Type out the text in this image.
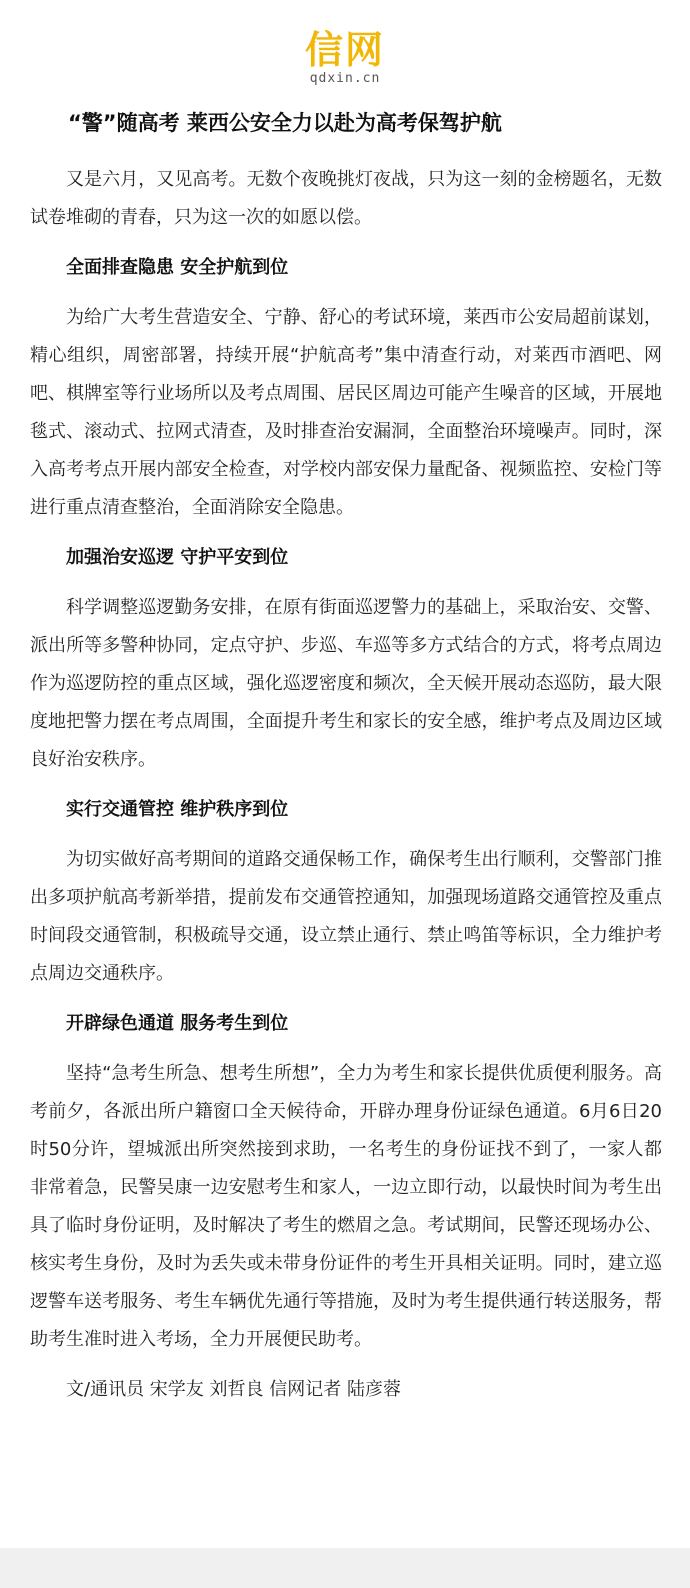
信网
qdxin.cn
“警”随高考 莱西公安全力以赴为高考保驾护航

又是六月，又见高考。无数个夜晚挑灯夜战，只为这一刻的金榜题名，无数试卷堆砌的青春，只为这一次的如愿以偿。

全面排查隐患 安全护航到位

为给广大考生营造安全、宁静、舒心的考试环境，莱西市公安局超前谋划，精心组织，周密部署，持续开展“护航高考”集中清查行动，对莱西市酒吧、网吧、棋牌室等行业场所以及考点周围、居民区周边可能产生噪音的区域，开展地毯式、滚动式、拉网式清查，及时排查治安漏洞，全面整治环境噪声。同时，深入高考考点开展内部安全检查，对学校内部安保力量配备、视频监控、安检门等进行重点清查整治，全面消除安全隐患。

加强治安巡逻 守护平安到位

科学调整巡逻勤务安排，在原有街面巡逻警力的基础上，采取治安、交警、派出所等多警种协同，定点守护、步巡、车巡等多方式结合的方式，将考点周边作为巡逻防控的重点区域，强化巡逻密度和频次，全天候开展动态巡防，最大限度地把警力摆在考点周围，全面提升考生和家长的安全感，维护考点及周边区域良好治安秩序。

实行交通管控 维护秩序到位

为切实做好高考期间的道路交通保畅工作，确保考生出行顺利，交警部门推出多项护航高考新举措，提前发布交通管控通知，加强现场道路交通管控及重点时间段交通管制，积极疏导交通，设立禁止通行、禁止鸣笛等标识，全力维护考点周边交通秩序。

开辟绿色通道 服务考生到位

坚持“急考生所急、想考生所想”，全力为考生和家长提供优质便利服务。高考前夕，各派出所户籍窗口全天候待命，开辟办理身份证绿色通道。6月6日20时50分许，望城派出所突然接到求助，一名考生的身份证找不到了，一家人都非常着急，民警吴康一边安慰考生和家人，一边立即行动，以最快时间为考生出具了临时身份证明，及时解决了考生的燃眉之急。考试期间，民警还现场办公、核实考生身份，及时为丢失或未带身份证件的考生开具相关证明。同时，建立巡逻警车送考服务、考生车辆优先通行等措施，及时为考生提供通行转送服务，帮助考生准时进入考场，全力开展便民助考。

文/通讯员 宋学友 刘哲良 信网记者 陆彦蓉
